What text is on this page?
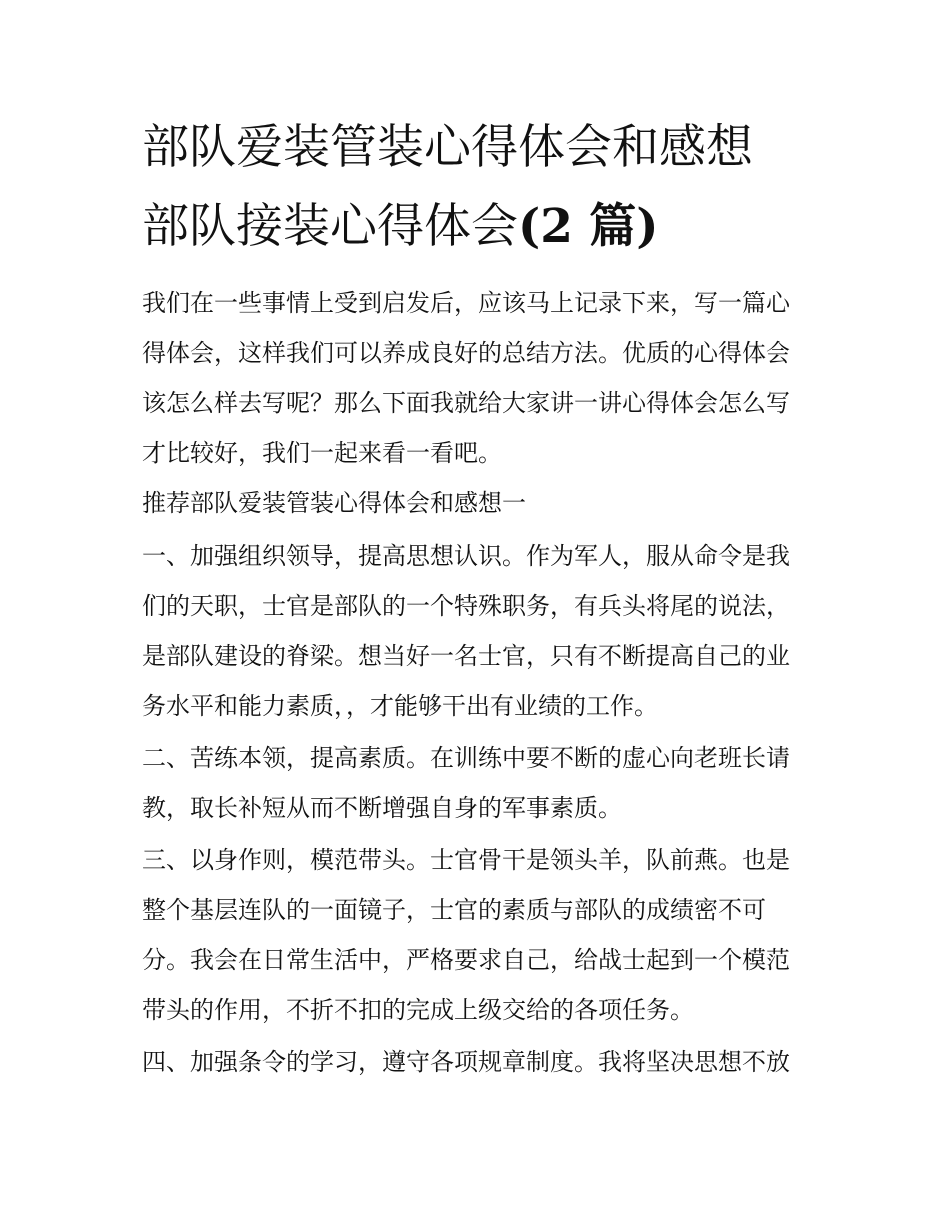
部队爱装管装心得体会和感想
部队接装心得体会(2 篇)
我们在一些事情上受到启发后，应该马上记录下来，写一篇心
得体会，这样我们可以养成良好的总结方法。优质的心得体会
该怎么样去写呢？那么下面我就给大家讲一讲心得体会怎么写
才比较好，我们一起来看一看吧。
推荐部队爱装管装心得体会和感想一
一、加强组织领导，提高思想认识。作为军人，服从命令是我
们的天职，士官是部队的一个特殊职务，有兵头将尾的说法，
是部队建设的脊梁。想当好一名士官，只有不断提高自己的业
务水平和能力素质，，才能够干出有业绩的工作。
二、苦练本领，提高素质。在训练中要不断的虚心向老班长请
教，取长补短从而不断增强自身的军事素质。
三、以身作则，模范带头。士官骨干是领头羊，队前燕。也是
整个基层连队的一面镜子，士官的素质与部队的成绩密不可
分。我会在日常生活中，严格要求自己，给战士起到一个模范
带头的作用，不折不扣的完成上级交给的各项任务。
四、加强条令的学习，遵守各项规章制度。我将坚决思想不放
